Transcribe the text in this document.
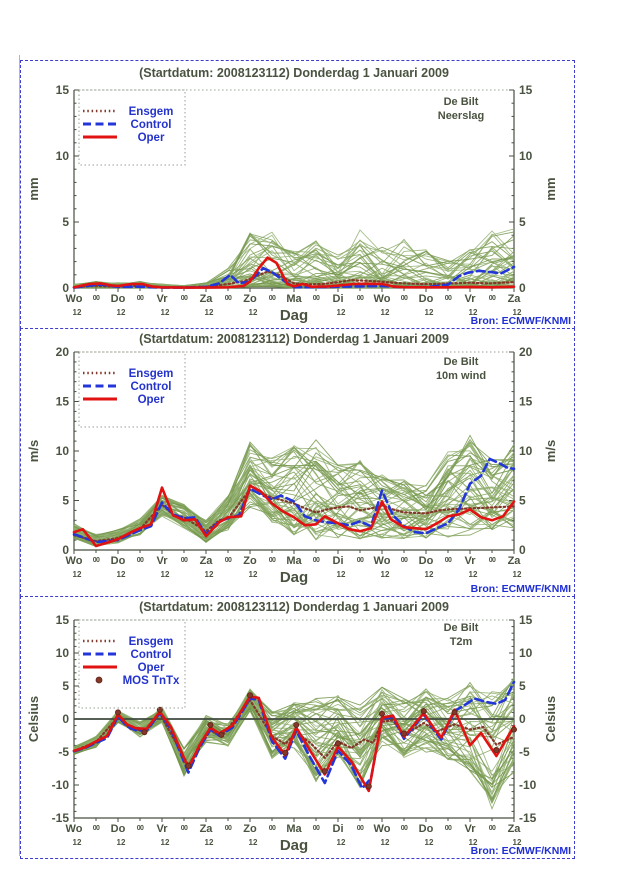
(Startdatum: 2008123112) Donderdag 1 Januari 2009
0	0
5	5
10	10
15	15
mm	mm
Wo 00 Do 00 Vr 00 Za 00 Zo 00 Ma 00 Di 00 Wo 00 Do 00 Vr 00 Za
12	12	12	12	12	12	12	12	12	12
Dag
De Bilt
Neerslag
Bron: ECMWF/KNMI
Ensgem
Control
Oper
(Startdatum: 2008123112) Donderdag 1 Januari 2009
0	0
5	5
10	10
15	15
20	20
m/s	m/s
Wo 00 Do 00 Vr 00 Za 00 Zo 00 Ma 00 Di 00 Wo 00 Do 00 Vr 00 Za
12	12	12	12	12	12	12	12	12	12
Dag
De Bilt
10m wind
Bron: ECMWF/KNMI
Ensgem
Control
Oper
(Startdatum: 2008123112) Donderdag 1 Januari 2009
-15	-15
-10	-10
-5	-5
0	0
5	5
10	10
15	15
Celsius	Celsius
Wo 00 Do 00 Vr 00 Za 00 Zo 00 Ma 00 Di 00 Wo 00 Do 00 Vr 00 Za
12	12	12	12	12	12	12	12	12	12
Dag
De Bilt
T2m
Bron: ECMWF/KNMI
Ensgem
Control
Oper
MOS TnTx
